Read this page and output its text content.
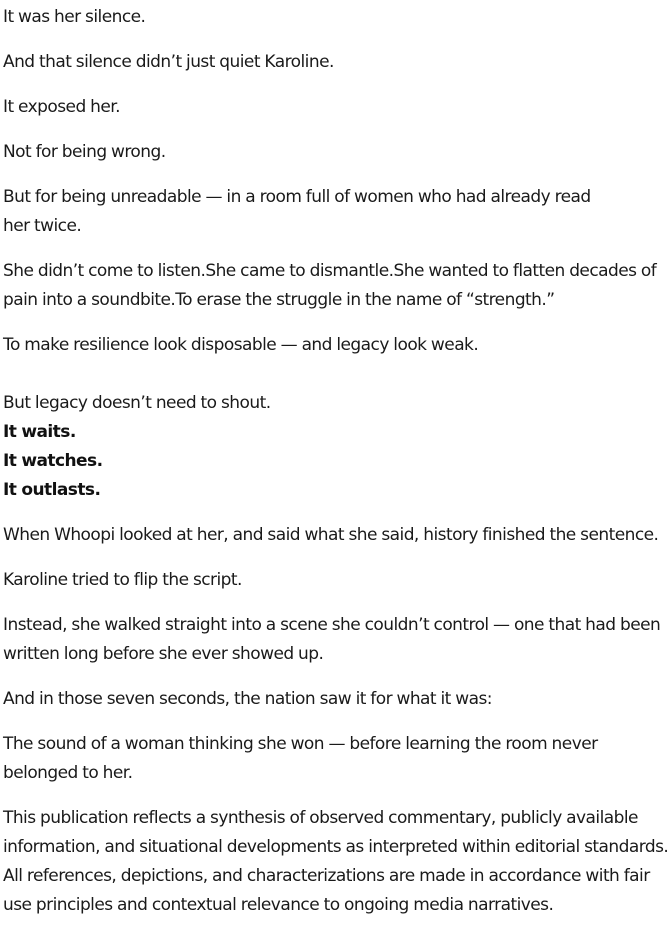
It was her silence.
And that silence didn’t just quiet Karoline.
It exposed her.
Not for being wrong.
But for being unreadable — in a room full of women who had already read
her twice.
She didn’t come to listen.She came to dismantle.She wanted to flatten decades of
pain into a soundbite.To erase the struggle in the name of “strength.”
To make resilience look disposable — and legacy look weak.
But legacy doesn’t need to shout.
It waits.
It watches.
It outlasts.
When Whoopi looked at her, and said what she said, history finished the sentence.
Karoline tried to flip the script.
Instead, she walked straight into a scene she couldn’t control — one that had been
written long before she ever showed up.
And in those seven seconds, the nation saw it for what it was:
The sound of a woman thinking she won — before learning the room never
belonged to her.
This publication reflects a synthesis of observed commentary, publicly available
information, and situational developments as interpreted within editorial standards.
All references, depictions, and characterizations are made in accordance with fair
use principles and contextual relevance to ongoing media narratives.
